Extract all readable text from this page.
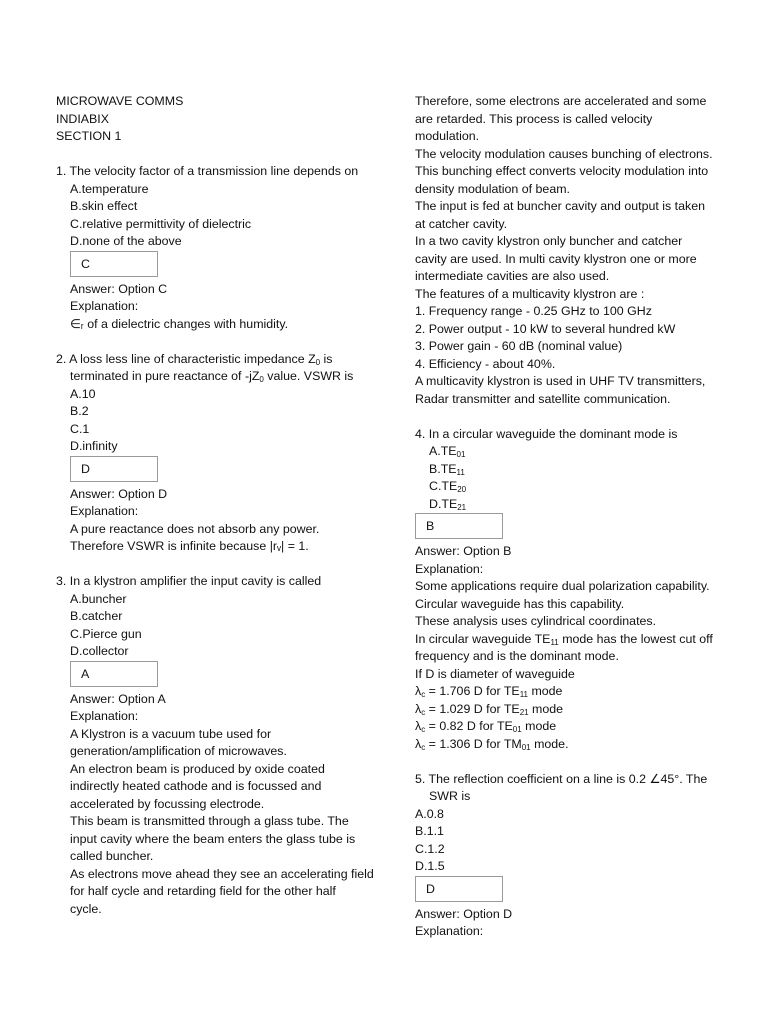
MICROWAVE COMMS
INDIABIX
SECTION 1
1. The velocity factor of a transmission line depends on
A.temperature
B.skin effect
C.relative permittivity of dielectric
D.none of the above
C
Answer: Option C
Explanation:
∈ᵣ of a dielectric changes with humidity.
2. A loss less line of characteristic impedance $Z_0$ is
terminated in pure reactance of $-jZ_0$ value. VSWR is
A.10
B.2
C.1
D.infinity
D
Answer: Option D
Explanation:
A pure reactance does not absorb any power.
Therefore VSWR is infinite because |rᵥ| = 1.
3. In a klystron amplifier the input cavity is called
A.buncher
B.catcher
C.Pierce gun
D.collector
A
Answer: Option A
Explanation:
A Klystron is a vacuum tube used for
generation/amplification of microwaves.
An electron beam is produced by oxide coated
indirectly heated cathode and is focussed and
accelerated by focussing electrode.
This beam is transmitted through a glass tube. The
input cavity where the beam enters the glass tube is
called buncher.
As electrons move ahead they see an accelerating field
for half cycle and retarding field for the other half
cycle.
Therefore, some electrons are accelerated and some
are retarded. This process is called velocity
modulation.
The velocity modulation causes bunching of electrons.
This bunching effect converts velocity modulation into
density modulation of beam.
The input is fed at buncher cavity and output is taken
at catcher cavity.
In a two cavity klystron only buncher and catcher
cavity are used. In multi cavity klystron one or more
intermediate cavities are also used.
The features of a multicavity klystron are :
1. Frequency range - 0.25 GHz to 100 GHz
2. Power output - 10 kW to several hundred kW
3. Power gain - 60 dB (nominal value)
4. Efficiency - about 40%.
A multicavity klystron is used in UHF TV transmitters,
Radar transmitter and satellite communication.
4. In a circular waveguide the dominant mode is
$A.TE_{01}$
$B.TE_{11}$
$C.TE_{20}$
$D.TE_{21}$
B
Answer: Option B
Explanation:
Some applications require dual polarization capability.
Circular waveguide has this capability.
These analysis uses cylindrical coordinates.
In circular waveguide $TE_{11}$ mode has the lowest cut off
frequency and is the dominant mode.
If D is diameter of waveguide
$\lambda_c = 1.706$ D for $TE_{11}$ mode
$\lambda_c = 1.029$ D for $TE_{21}$ mode
$\lambda_c = 0.82$ D for $TE_{01}$ mode
$\lambda_c = 1.306$ D for $TM_{01}$ mode.
5. The reflection coefficient on a line is 0.2 ∠45°. The
SWR is
A.0.8
B.1.1
C.1.2
D.1.5
D
Answer: Option D
Explanation:
